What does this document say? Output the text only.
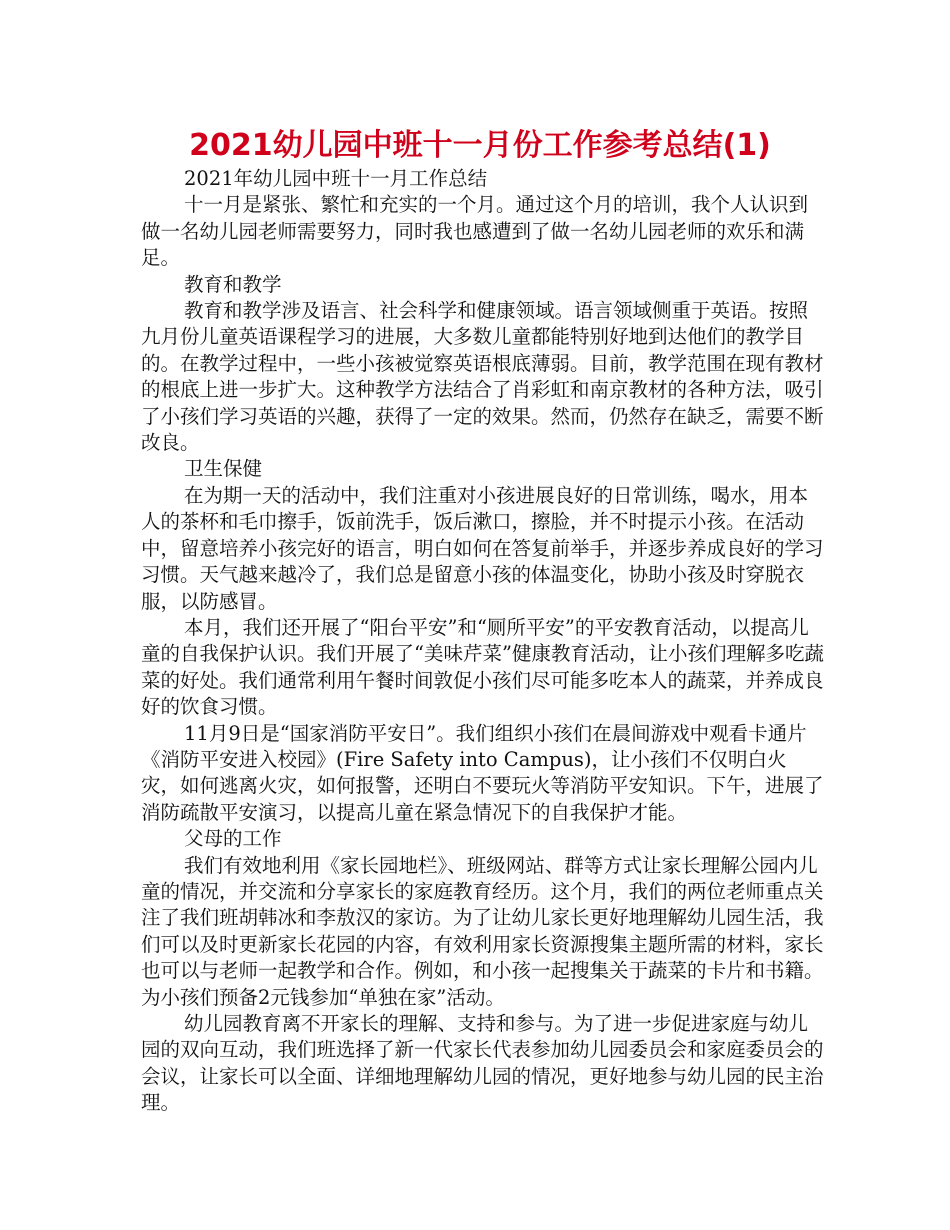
2021幼儿园中班十一月份工作参考总结(1)

2021年幼儿园中班十一月工作总结

十一月是紧张、繁忙和充实的一个月。通过这个月的培训，我个人认识到做一名幼儿园老师需要努力，同时我也感遭到了做一名幼儿园老师的欢乐和满足。

教育和教学

教育和教学涉及语言、社会科学和健康领域。语言领域侧重于英语。按照九月份儿童英语课程学习的进展，大多数儿童都能特别好地到达他们的教学目的。在教学过程中，一些小孩被觉察英语根底薄弱。目前，教学范围在现有教材的根底上进一步扩大。这种教学方法结合了肖彩虹和南京教材的各种方法，吸引了小孩们学习英语的兴趣，获得了一定的效果。然而，仍然存在缺乏，需要不断改良。

卫生保健

在为期一天的活动中，我们注重对小孩进展良好的日常训练，喝水，用本人的茶杯和毛巾擦手，饭前洗手，饭后漱口，擦脸，并不时提示小孩。在活动中，留意培养小孩完好的语言，明白如何在答复前举手，并逐步养成良好的学习习惯。天气越来越冷了，我们总是留意小孩的体温变化，协助小孩及时穿脱衣服，以防感冒。

本月，我们还开展了“阳台平安”和“厕所平安”的平安教育活动，以提高儿童的自我保护认识。我们开展了“美味芹菜”健康教育活动，让小孩们理解多吃蔬菜的好处。我们通常利用午餐时间敦促小孩们尽可能多吃本人的蔬菜，并养成良好的饮食习惯。

11月9日是“国家消防平安日”。我们组织小孩们在晨间游戏中观看卡通片《消防平安进入校园》(Fire Safety into Campus)，让小孩们不仅明白火灾，如何逃离火灾，如何报警，还明白不要玩火等消防平安知识。下午，进展了消防疏散平安演习，以提高儿童在紧急情况下的自我保护才能。

父母的工作

我们有效地利用《家长园地栏》、班级网站、群等方式让家长理解公园内儿童的情况，并交流和分享家长的家庭教育经历。这个月，我们的两位老师重点关注了我们班胡韩冰和李敖汉的家访。为了让幼儿家长更好地理解幼儿园生活，我们可以及时更新家长花园的内容，有效利用家长资源搜集主题所需的材料，家长也可以与老师一起教学和合作。例如，和小孩一起搜集关于蔬菜的卡片和书籍。为小孩们预备2元钱参加“单独在家”活动。

幼儿园教育离不开家长的理解、支持和参与。为了进一步促进家庭与幼儿园的双向互动，我们班选择了新一代家长代表参加幼儿园委员会和家庭委员会的会议，让家长可以全面、详细地理解幼儿园的情况，更好地参与幼儿园的民主治理。
